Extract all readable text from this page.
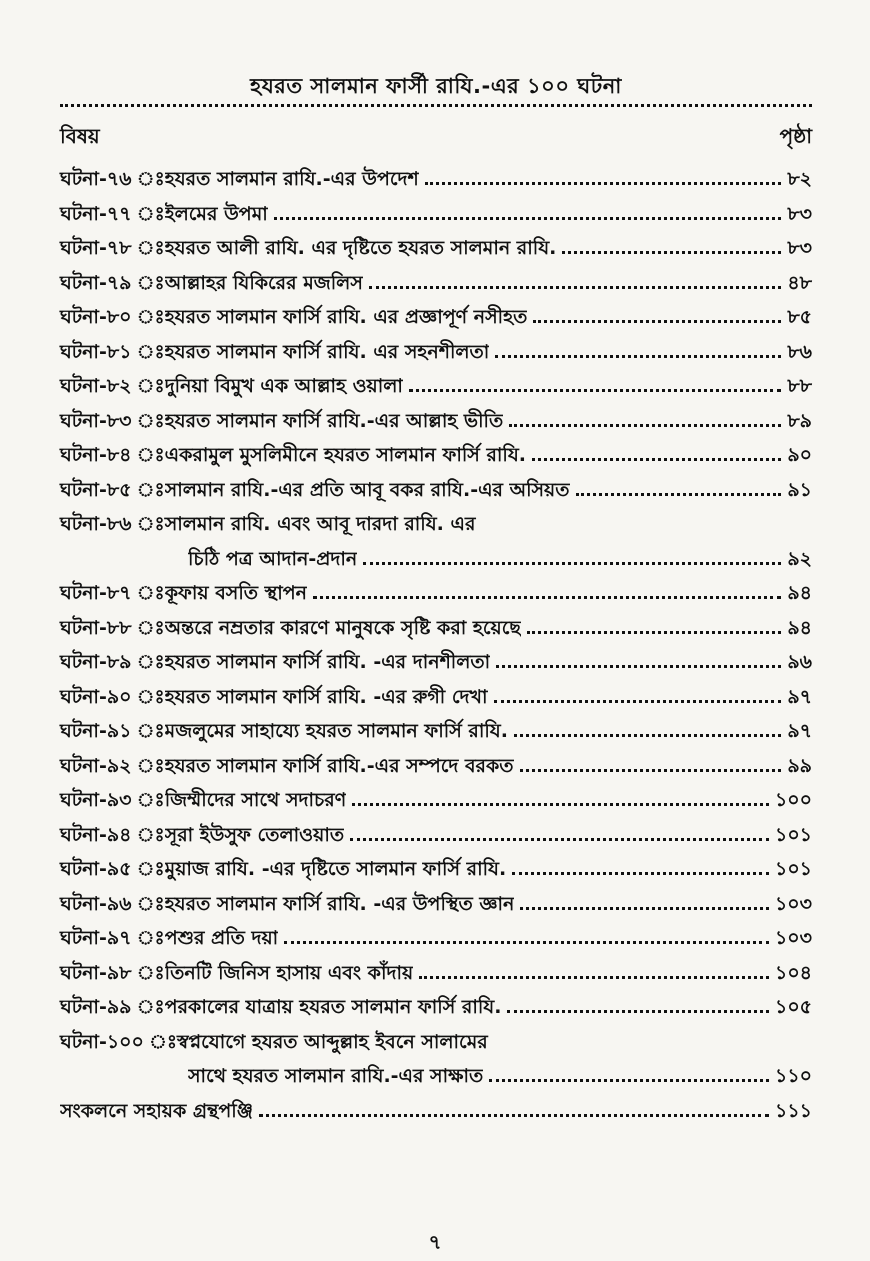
হযরত সালমান ফার্সী রাযি.-এর ১০০ ঘটনা
বিষয়	পৃষ্ঠা
ঘটনা-৭৬ ঃ হযরত সালমান রাযি.-এর উপদেশ	৮২
ঘটনা-৭৭ ঃ ইলমের উপমা	৮৩
ঘটনা-৭৮ ঃ হযরত আলী রাযি. এর দৃষ্টিতে হযরত সালমান রাযি.	৮৩
ঘটনা-৭৯ ঃ আল্লাহর যিকিরের মজলিস	৪৮
ঘটনা-৮০ ঃ হযরত সালমান ফার্সি রাযি. এর প্রজ্ঞাপূর্ণ নসীহত	৮৫
ঘটনা-৮১ ঃ হযরত সালমান ফার্সি রাযি. এর সহনশীলতা	৮৬
ঘটনা-৮২ ঃ দুনিয়া বিমুখ এক আল্লাহ ওয়ালা	৮৮
ঘটনা-৮৩ ঃ হযরত সালমান ফার্সি রাযি.-এর আল্লাহ ভীতি	৮৯
ঘটনা-৮৪ ঃ একরামুল মুসলিমীনে হযরত সালমান ফার্সি রাযি.	৯০
ঘটনা-৮৫ ঃ সালমান রাযি.-এর প্রতি আবূ বকর রাযি.-এর অসিয়ত	৯১
ঘটনা-৮৬ ঃ সালমান রাযি. এবং আবূ দারদা রাযি. এর
চিঠি পত্র আদান-প্রদান	৯২
ঘটনা-৮৭ ঃ কূফায় বসতি স্থাপন	৯৪
ঘটনা-৮৮ ঃ অন্তরে নম্রতার কারণে মানুষকে সৃষ্টি করা হয়েছে	৯৪
ঘটনা-৮৯ ঃ হযরত সালমান ফার্সি রাযি. -এর দানশীলতা	৯৬
ঘটনা-৯০ ঃ হযরত সালমান ফার্সি রাযি. -এর রুগী দেখা	৯৭
ঘটনা-৯১ ঃ মজলুমের সাহায্যে হযরত সালমান ফার্সি রাযি.	৯৭
ঘটনা-৯২ ঃ হযরত সালমান ফার্সি রাযি.-এর সম্পদে বরকত	৯৯
ঘটনা-৯৩ ঃ জিম্মীদের সাথে সদাচরণ	১০০
ঘটনা-৯৪ ঃ সূরা ইউসুফ তেলাওয়াত	১০১
ঘটনা-৯৫ ঃ মুয়াজ রাযি. -এর দৃষ্টিতে সালমান ফার্সি রাযি.	১০১
ঘটনা-৯৬ ঃ হযরত সালমান ফার্সি রাযি. -এর উপস্থিত জ্ঞান	১০৩
ঘটনা-৯৭ ঃ পশুর প্রতি দয়া	১০৩
ঘটনা-৯৮ ঃ তিনটি জিনিস হাসায় এবং কাঁদায়	১০৪
ঘটনা-৯৯ ঃ পরকালের যাত্রায় হযরত সালমান ফার্সি রাযি.	১০৫
ঘটনা-১০০ ঃ স্বপ্নযোগে হযরত আব্দুল্লাহ ইবনে সালামের
সাথে হযরত সালমান রাযি.-এর সাক্ষাত	১১০
সংকলনে সহায়ক গ্রন্থপঞ্জি	১১১
৭
